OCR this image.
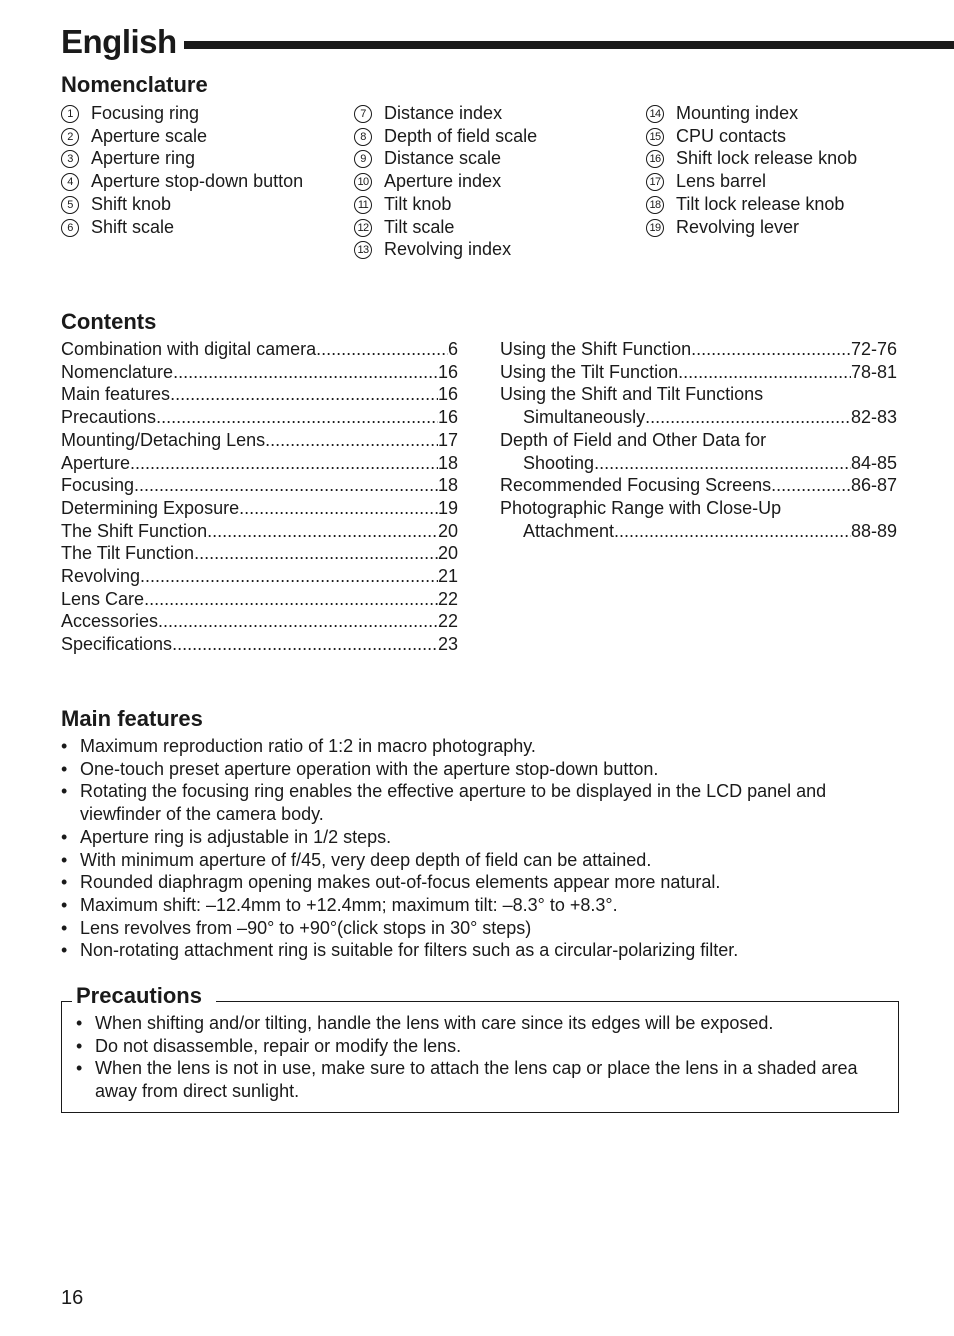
English
Nomenclature
1	Focusing ring
2	Aperture scale
3	Aperture ring
4	Aperture stop-down button
5	Shift knob
6	Shift scale
7	Distance index
8	Depth of field scale
9	Distance scale
10 Aperture index
11 Tilt knob
12 Tilt scale
13 Revolving index
14 Mounting index
15 CPU contacts
16 Shift lock release knob
17 Lens barrel
18 Tilt lock release knob
19 Revolving lever
Contents
Combination with digital camera .....	6
Nomenclature .....	16
Main features .....	16
Precautions .....	16
Mounting/Detaching Lens .....	17
Aperture .....	18
Focusing .....	18
Determining Exposure .....	19
The Shift Function .....	20
The Tilt Function .....	20
Revolving .....	21
Lens Care .....	22
Accessories .....	22
Specifications .....	23
Using the Shift Function .....	72-76
Using the Tilt Function .....	78-81
Using the Shift and Tilt Functions
Simultaneously .....	82-83
Depth of Field and Other Data for
Shooting .....	84-85
Recommended Focusing Screens .....	86-87
Photographic Range with Close-Up
Attachment .....	88-89
Main features
• Maximum reproduction ratio of 1:2 in macro photography.
• One-touch preset aperture operation with the aperture stop-down button.
• Rotating the focusing ring enables the effective aperture to be displayed in the LCD panel and viewfinder of the camera body.
• Aperture ring is adjustable in 1/2 steps.
• With minimum aperture of f/45, very deep depth of field can be attained.
• Rounded diaphragm opening makes out-of-focus elements appear more natural.
• Maximum shift: –12.4mm to +12.4mm; maximum tilt: –8.3° to +8.3°.
• Lens revolves from –90° to +90°(click stops in 30° steps)
• Non-rotating attachment ring is suitable for filters such as a circular-polarizing filter.
Precautions
• When shifting and/or tilting, handle the lens with care since its edges will be exposed.
• Do not disassemble, repair or modify the lens.
• When the lens is not in use, make sure to attach the lens cap or place the lens in a shaded area away from direct sunlight.
16
